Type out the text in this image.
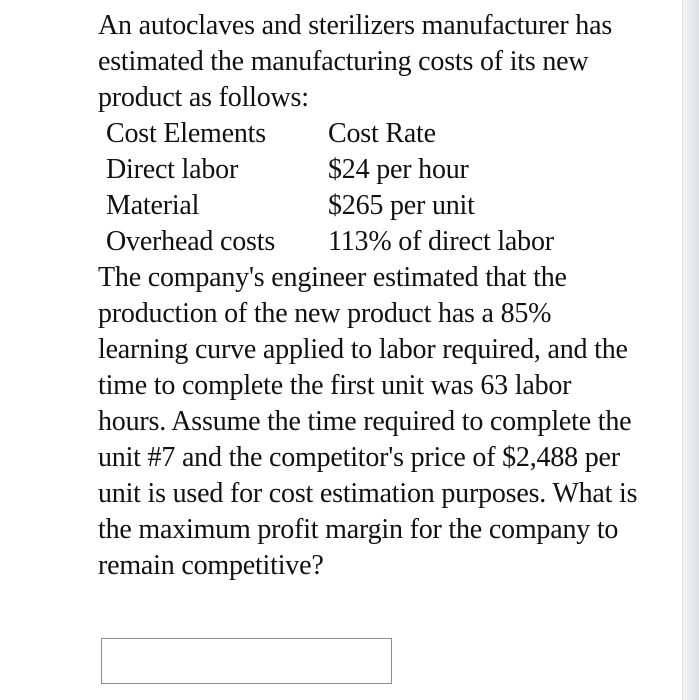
An autoclaves and sterilizers manufacturer has estimated the manufacturing costs of its new product as follows:

Cost Elements	Cost Rate
Direct labor	$24 per hour
Material	$265 per unit
Overhead costs	113% of direct labor

The company's engineer estimated that the production of the new product has a 85% learning curve applied to labor required, and the time to complete the first unit was 63 labor hours. Assume the time required to complete the unit #7 and the competitor's price of $2,488 per unit is used for cost estimation purposes. What is the maximum profit margin for the company to remain competitive?
